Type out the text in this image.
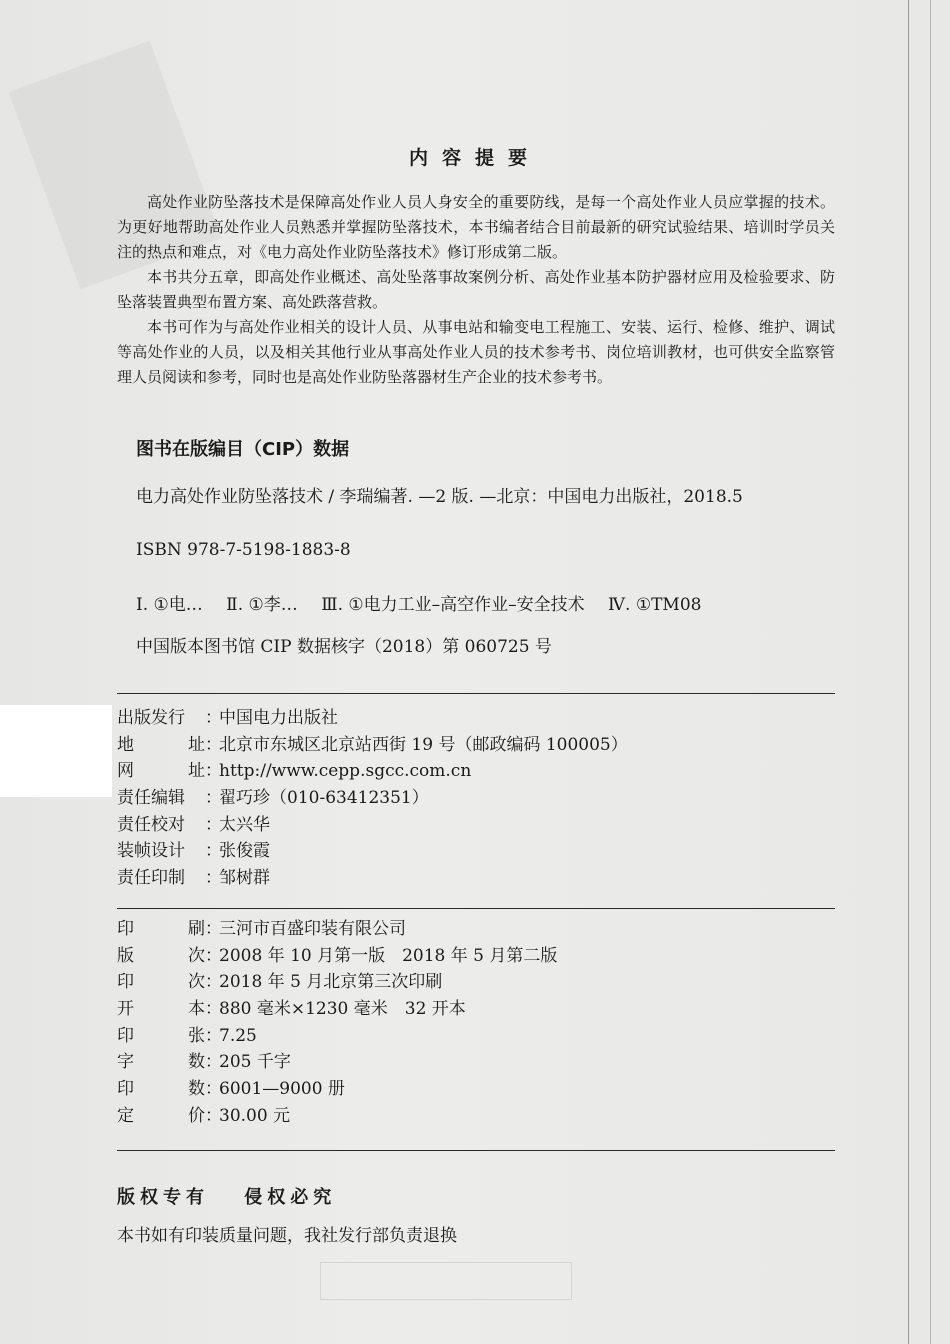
内容提要

高处作业防坠落技术是保障高处作业人员人身安全的重要防线，是每一个高处作业人员应掌握的技术。为更好地帮助高处作业人员熟悉并掌握防坠落技术，本书编者结合目前最新的研究试验结果、培训时学员关注的热点和难点，对《电力高处作业防坠落技术》修订形成第二版。

本书共分五章，即高处作业概述、高处坠落事故案例分析、高处作业基本防护器材应用及检验要求、防坠落装置典型布置方案、高处跌落营救。

本书可作为与高处作业相关的设计人员、从事电站和输变电工程施工、安装、运行、检修、维护、调试等高处作业的人员，以及相关其他行业从事高处作业人员的技术参考书、岗位培训教材，也可供安全监察管理人员阅读和参考，同时也是高处作业防坠落器材生产企业的技术参考书。

图书在版编目（CIP）数据
电力高处作业防坠落技术 / 李瑞编著. —2 版. —北京：中国电力出版社，2018.5
ISBN 978-7-5198-1883-8
Ⅰ. ①电… Ⅱ. ①李… Ⅲ. ①电力工业–高空作业–安全技术 Ⅳ. ①TM08
中国版本图书馆 CIP 数据核字（2018）第 060725 号
出版发行	：
中国电力出版社
地址 ：
北京市东城区北京站西街 19 号（邮政编码 100005）
网址 ：
http://www.cepp.sgcc.com.cn
责任编辑	：
翟巧珍（010-63412351）
责任校对	：
太兴华
装帧设计	：
张俊霞
责任印制	：
邹树群
印刷 ：
三河市百盛印装有限公司
版次 ：
2008 年 10 月第一版　2018 年 5 月第二版
印次 ：
2018 年 5 月北京第三次印刷
开本 ：
880 毫米×1230 毫米　32 开本
印张 ：
7.25
字数 ：
205 千字
印数 ：
6001—9000 册
定价 ：
30.00 元
版权专有 侵权必究
本书如有印装质量问题，我社发行部负责退换
